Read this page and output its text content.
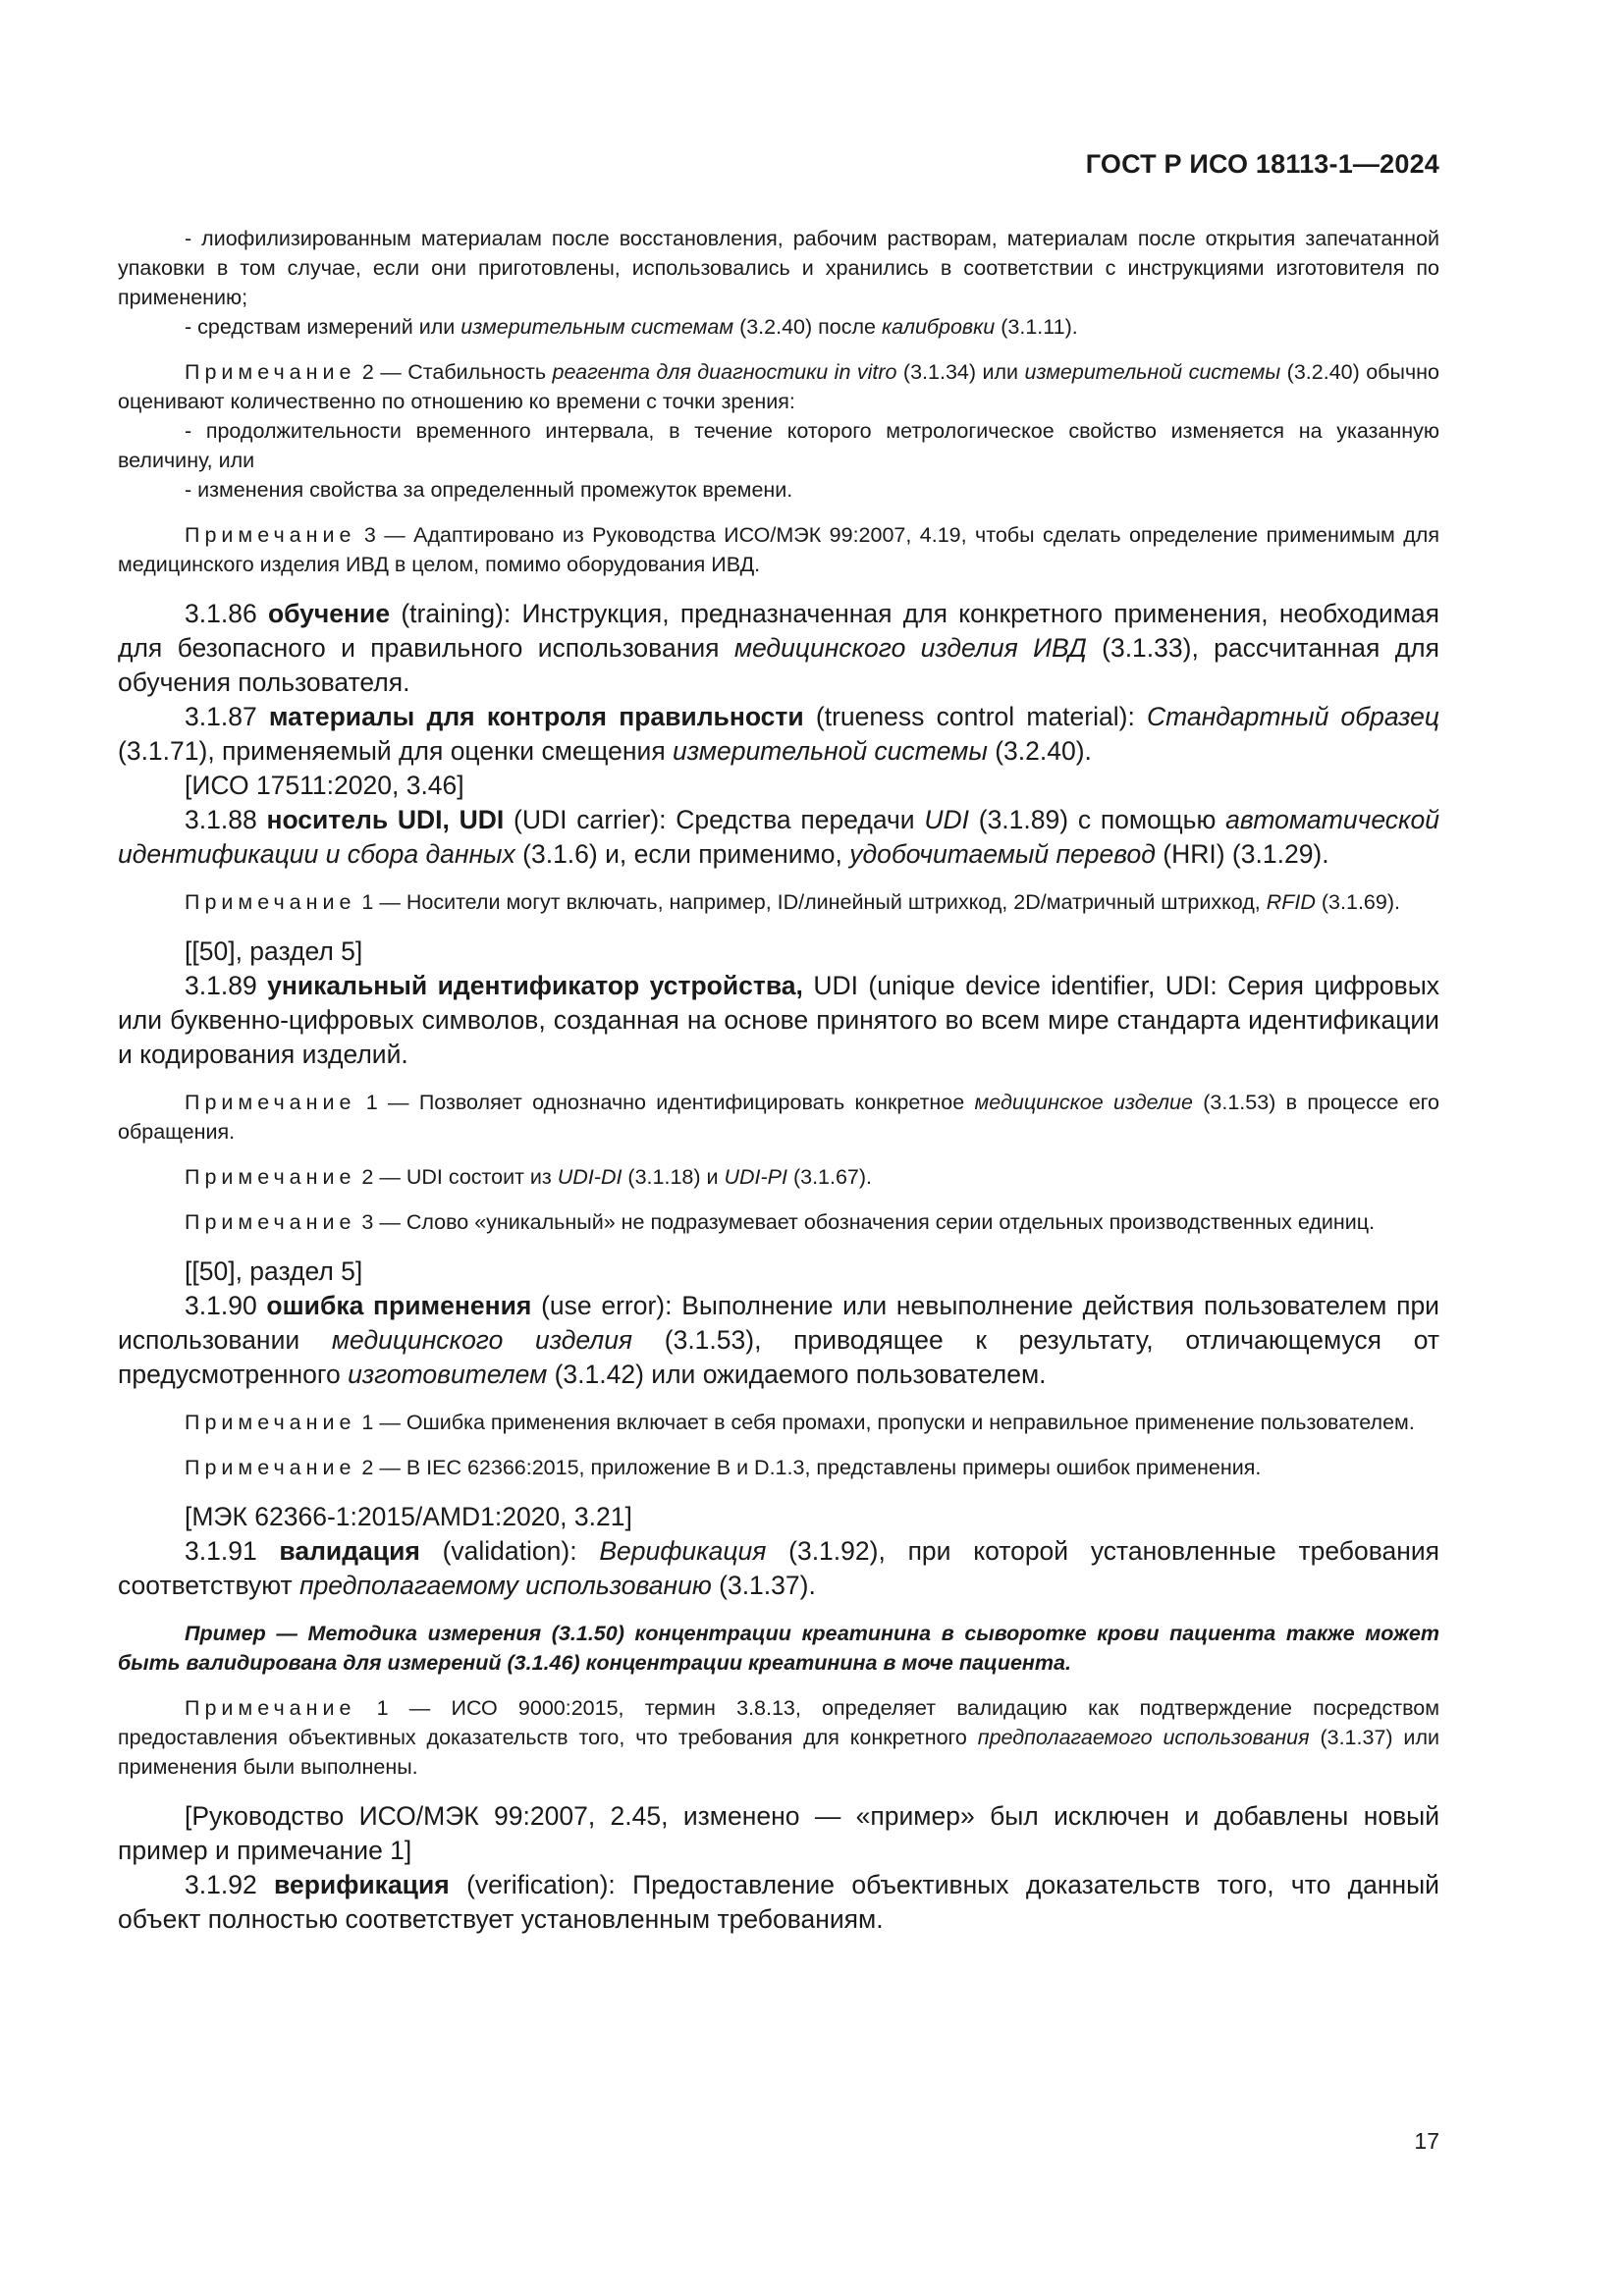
ГОСТ Р ИСО 18113-1—2024

- лиофилизированным материалам после восстановления, рабочим растворам, материалам после открытия запечатанной упаковки в том случае, если они приготовлены, использовались и хранились в соответствии с инструкциями изготовителя по применению;

- средствам измерений или измерительным системам (3.2.40) после калибровки (3.1.11).

Примечание 2 — Стабильность реагента для диагностики in vitro (3.1.34) или измерительной системы (3.2.40) обычно оценивают количественно по отношению ко времени с точки зрения:

- продолжительности временного интервала, в течение которого метрологическое свойство изменяется на указанную величину, или

- изменения свойства за определенный промежуток времени.

Примечание 3 — Адаптировано из Руководства ИСО/МЭК 99:2007, 4.19, чтобы сделать определение применимым для медицинского изделия ИВД в целом, помимо оборудования ИВД.

3.1.86 обучение (training): Инструкция, предназначенная для конкретного применения, необходимая для безопасного и правильного использования медицинского изделия ИВД (3.1.33), рассчитанная для обучения пользователя.

3.1.87 материалы для контроля правильности (trueness control material): Стандартный образец (3.1.71), применяемый для оценки смещения измерительной системы (3.2.40).

[ИСО 17511:2020, 3.46]

3.1.88 носитель UDI, UDI (UDI carrier): Средства передачи UDI (3.1.89) с помощью автоматической идентификации и сбора данных (3.1.6) и, если применимо, удобочитаемый перевод (HRI) (3.1.29).

Примечание 1 — Носители могут включать, например, ID/линейный штрихкод, 2D/матричный штрихкод, RFID (3.1.69).

[[50], раздел 5]

3.1.89 уникальный идентификатор устройства, UDI (unique device identifier, UDI: Серия цифровых или буквенно-цифровых символов, созданная на основе принятого во всем мире стандарта идентификации и кодирования изделий.

Примечание 1 — Позволяет однозначно идентифицировать конкретное медицинское изделие (3.1.53) в процессе его обращения.

Примечание 2 — UDI состоит из UDI-DI (3.1.18) и UDI-PI (3.1.67).

Примечание 3 — Слово «уникальный» не подразумевает обозначения серии отдельных производственных единиц.

[[50], раздел 5]

3.1.90 ошибка применения (use error): Выполнение или невыполнение действия пользователем при использовании медицинского изделия (3.1.53), приводящее к результату, отличающемуся от предусмотренного изготовителем (3.1.42) или ожидаемого пользователем.

Примечание 1 — Ошибка применения включает в себя промахи, пропуски и неправильное применение пользователем.

Примечание 2 — В IEC 62366:2015, приложение B и D.1.3, представлены примеры ошибок применения.

[МЭК 62366-1:2015/AMD1:2020, 3.21]

3.1.91 валидация (validation): Верификация (3.1.92), при которой установленные требования соответствуют предполагаемому использованию (3.1.37).

Пример — Методика измерения (3.1.50) концентрации креатинина в сыворотке крови пациента также может быть валидирована для измерений (3.1.46) концентрации креатинина в моче пациента.

Примечание 1 — ИСО 9000:2015, термин 3.8.13, определяет валидацию как подтверждение посредством предоставления объективных доказательств того, что требования для конкретного предполагаемого использования (3.1.37) или применения были выполнены.

[Руководство ИСО/МЭК 99:2007, 2.45, изменено — «пример» был исключен и добавлены новый пример и примечание 1]

3.1.92 верификация (verification): Предоставление объективных доказательств того, что данный объект полностью соответствует установленным требованиям.

17
